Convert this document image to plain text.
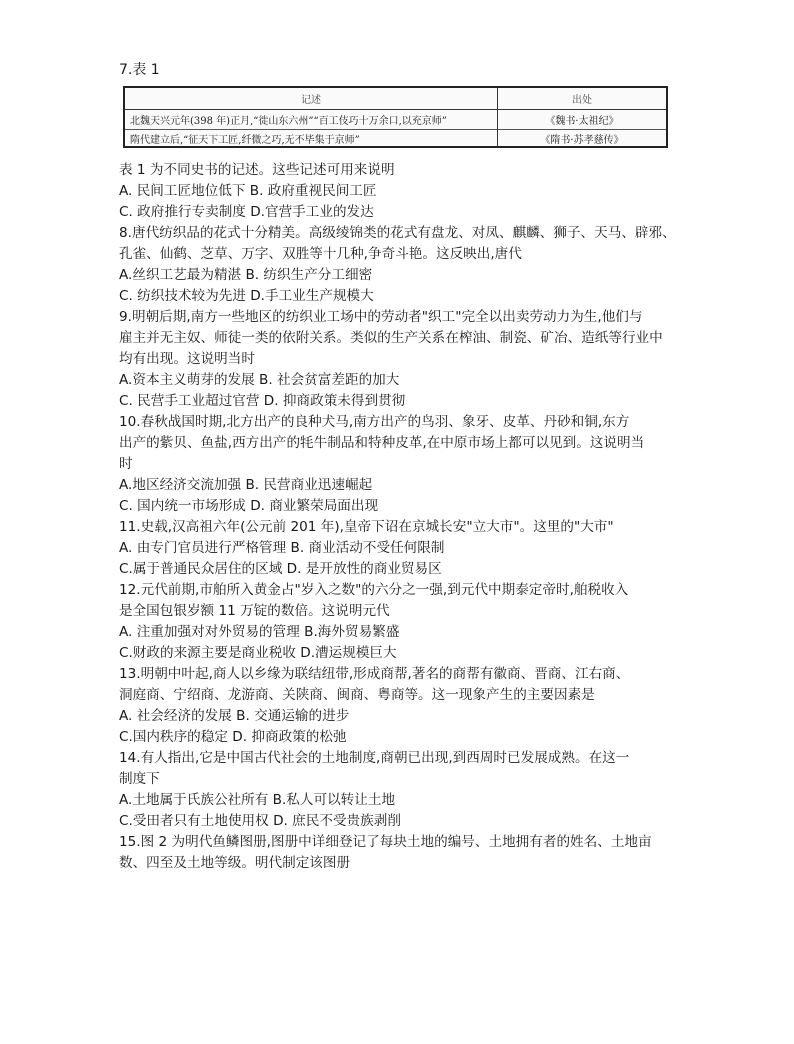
7.表 1
记述	出处
北魏天兴元年(398 年)正月,“徙山东六州”“百工伎巧十万余口,以充京师”	《魏书·太祖纪》
隋代建立后,“征天下工匠,纤微之巧,无不毕集于京师”	《隋书·苏孝慈传》
表 1 为不同史书的记述。这些记述可用来说明
A. 民间工匠地位低下 B. 政府重视民间工匠
C. 政府推行专卖制度 D.官营手工业的发达
8.唐代纺织品的花式十分精美。高级绫锦类的花式有盘龙、对凤、麒麟、狮子、天马、辟邪、
孔雀、仙鹤、芝草、万字、双胜等十几种,争奇斗艳。这反映出,唐代
A.丝织工艺最为精湛 B. 纺织生产分工细密
C. 纺织技术较为先进 D.手工业生产规模大
9.明朝后期,南方一些地区的纺织业工场中的劳动者"织工"完全以出卖劳动力为生,他们与
雇主并无主奴、师徒一类的依附关系。类似的生产关系在榨油、制瓷、矿冶、造纸等行业中
均有出现。这说明当时
A.资本主义萌芽的发展 B. 社会贫富差距的加大
C. 民营手工业超过官营 D. 抑商政策未得到贯彻
10.春秋战国时期,北方出产的良种犬马,南方出产的鸟羽、象牙、皮革、丹砂和铜,东方
出产的紫贝、鱼盐,西方出产的牦牛制品和特种皮革,在中原市场上都可以见到。这说明当
时
A.地区经济交流加强 B. 民营商业迅速崛起
C. 国内统一市场形成 D. 商业繁荣局面出现
11.史载,汉高祖六年(公元前 201 年),皇帝下诏在京城长安"立大市"。这里的"大市"
A. 由专门官员进行严格管理 B. 商业活动不受任何限制
C.属于普通民众居住的区域 D. 是开放性的商业贸易区
12.元代前期,市舶所入黄金占"岁入之数"的六分之一强,到元代中期泰定帝时,舶税收入
是全国包银岁额 11 万锭的数倍。这说明元代
A. 注重加强对对外贸易的管理 B.海外贸易繁盛
C.财政的来源主要是商业税收 D.漕运规模巨大
13.明朝中叶起,商人以乡缘为联结纽带,形成商帮,著名的商帮有徽商、晋商、江右商、
洞庭商、宁绍商、龙游商、关陕商、闽商、粤商等。这一现象产生的主要因素是
A. 社会经济的发展 B. 交通运输的进步
C.国内秩序的稳定 D. 抑商政策的松弛
14.有人指出,它是中国古代社会的土地制度,商朝已出现,到西周时已发展成熟。在这一
制度下
A.土地属于氏族公社所有 B.私人可以转让土地
C.受田者只有土地使用权 D. 庶民不受贵族剥削
15.图 2 为明代鱼鳞图册,图册中详细登记了每块土地的编号、土地拥有者的姓名、土地亩
数、四至及土地等级。明代制定该图册
